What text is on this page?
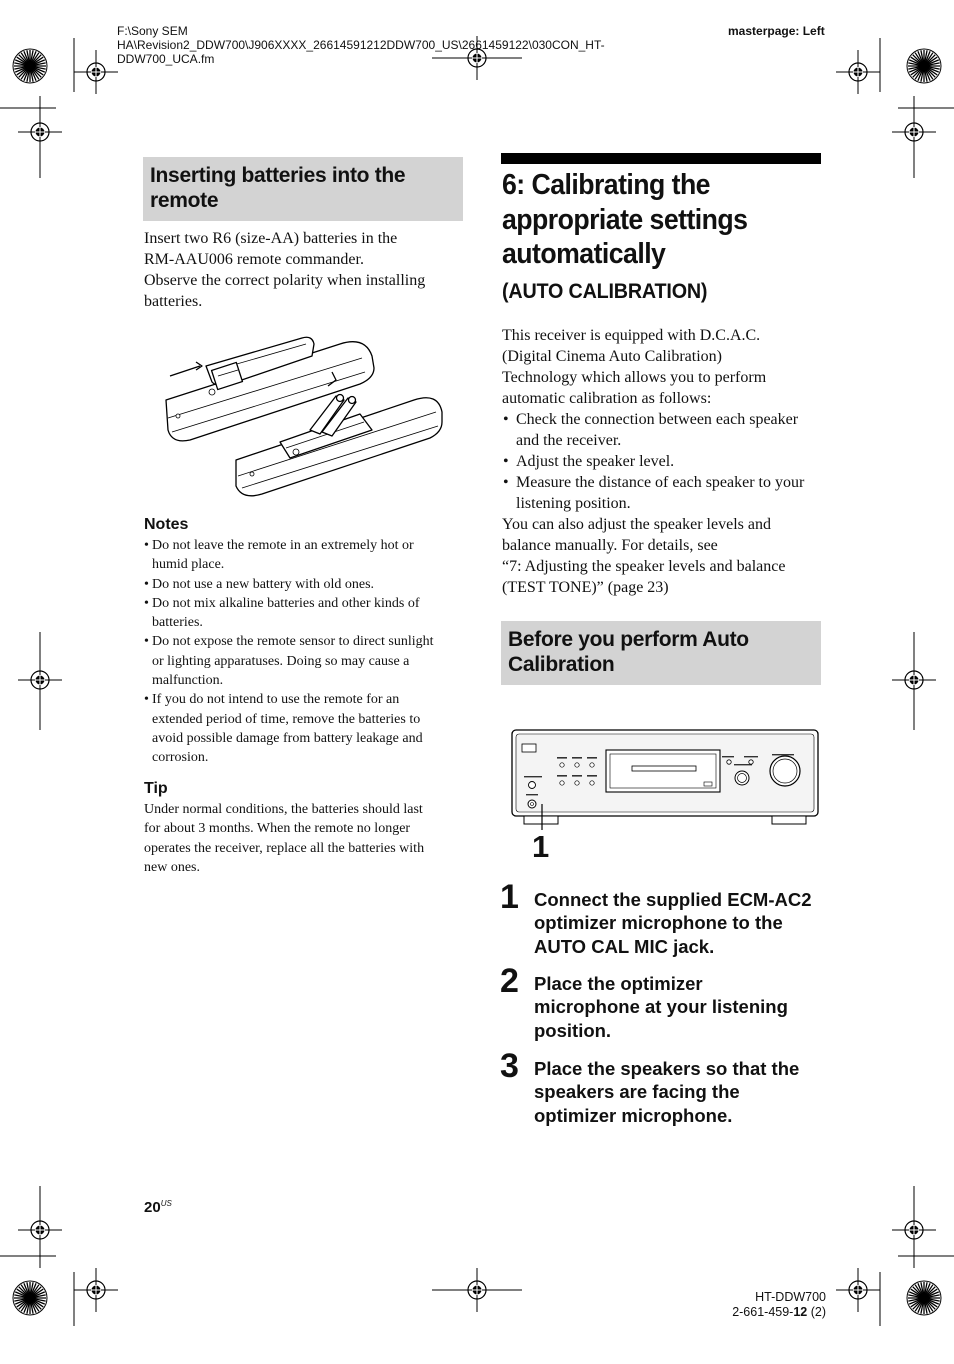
F:\Sony SEM
HA\Revision2_DDW700\J906XXXX_26614591212DDW700_US\2661459122\030CON_HT-
DDW700_UCA.fm
masterpage: Left
Inserting batteries into the remote
Insert two R6 (size-AA) batteries in the
RM-AAU006 remote commander.
Observe the correct polarity when installing
batteries.
Notes
• Do not leave the remote in an extremely hot or
humid place.
• Do not use a new battery with old ones.
• Do not mix alkaline batteries and other kinds of
batteries.
• Do not expose the remote sensor to direct sunlight
or lighting apparatuses. Doing so may cause a
malfunction.
• If you do not intend to use the remote for an
extended period of time, remove the batteries to
avoid possible damage from battery leakage and
corrosion.
Tip
Under normal conditions, the batteries should last
for about 3 months. When the remote no longer
operates the receiver, replace all the batteries with
new ones.
6: Calibrating the
appropriate settings
automatically
(AUTO CALIBRATION)
This receiver is equipped with D.C.A.C.
(Digital Cinema Auto Calibration)
Technology which allows you to perform
automatic calibration as follows:
• Check the connection between each speaker
and the receiver.
• Adjust the speaker level.
• Measure the distance of each speaker to your
listening position.
You can also adjust the speaker levels and
balance manually. For details, see
“7: Adjusting the speaker levels and balance
(TEST TONE)” (page 23)
Before you perform Auto
Calibration
1
1 Connect the supplied ECM-AC2
optimizer microphone to the
AUTO CAL MIC jack.
2 Place the optimizer
microphone at your listening
position.
3 Place the speakers so that the
speakers are facing the
optimizer microphone.
$20^{US}$
HT-DDW700
2-661-459-12 (2)
